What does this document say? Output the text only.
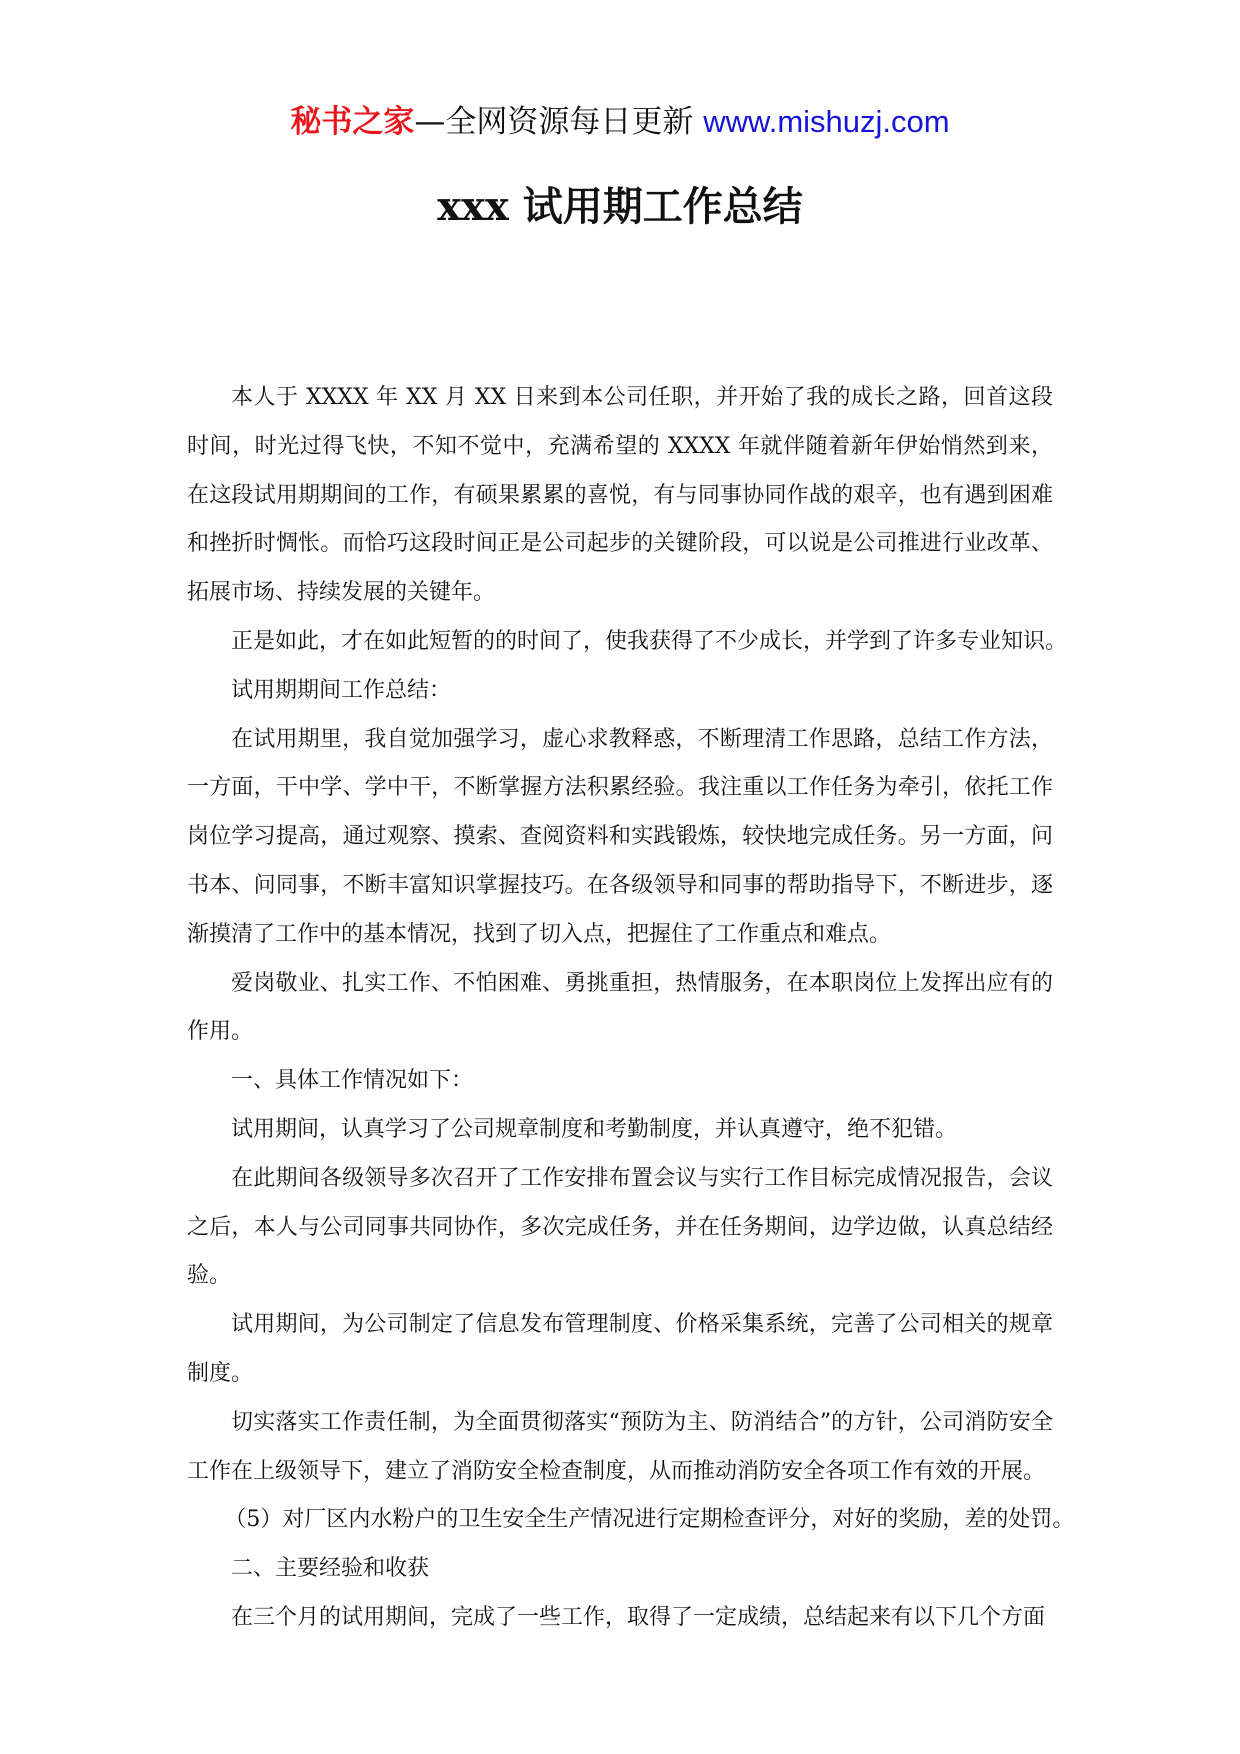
秘书之家—全网资源每日更新 www.mishuzj.com
xxx 试用期工作总结

本人于 XXXX 年 XX 月 XX 日来到本公司任职，并开始了我的成长之路，回首这段时间，时光过得飞快，不知不觉中，充满希望的 XXXX 年就伴随着新年伊始悄然到来，在这段试用期期间的工作，有硕果累累的喜悦，有与同事协同作战的艰辛，也有遇到困难和挫折时惆怅。而恰巧这段时间正是公司起步的关键阶段，可以说是公司推进行业改革、拓展市场、持续发展的关键年。

正是如此，才在如此短暂的的时间了，使我获得了不少成长，并学到了许多专业知识。

试用期期间工作总结：

在试用期里，我自觉加强学习，虚心求教释惑，不断理清工作思路，总结工作方法，一方面，干中学、学中干，不断掌握方法积累经验。我注重以工作任务为牵引，依托工作岗位学习提高，通过观察、摸索、查阅资料和实践锻炼，较快地完成任务。另一方面，问书本、问同事，不断丰富知识掌握技巧。在各级领导和同事的帮助指导下，不断进步，逐渐摸清了工作中的基本情况，找到了切入点，把握住了工作重点和难点。

爱岗敬业、扎实工作、不怕困难、勇挑重担，热情服务，在本职岗位上发挥出应有的作用。

一、具体工作情况如下：

试用期间，认真学习了公司规章制度和考勤制度，并认真遵守，绝不犯错。

在此期间各级领导多次召开了工作安排布置会议与实行工作目标完成情况报告，会议之后，本人与公司同事共同协作，多次完成任务，并在任务期间，边学边做，认真总结经验。

试用期间，为公司制定了信息发布管理制度、价格采集系统，完善了公司相关的规章制度。

切实落实工作责任制，为全面贯彻落实“预防为主、防消结合”的方针，公司消防安全工作在上级领导下，建立了消防安全检查制度，从而推动消防安全各项工作有效的开展。

（5）对厂区内水粉户的卫生安全生产情况进行定期检查评分，对好的奖励，差的处罚。

二、主要经验和收获

在三个月的试用期间，完成了一些工作，取得了一定成绩，总结起来有以下几个方面
